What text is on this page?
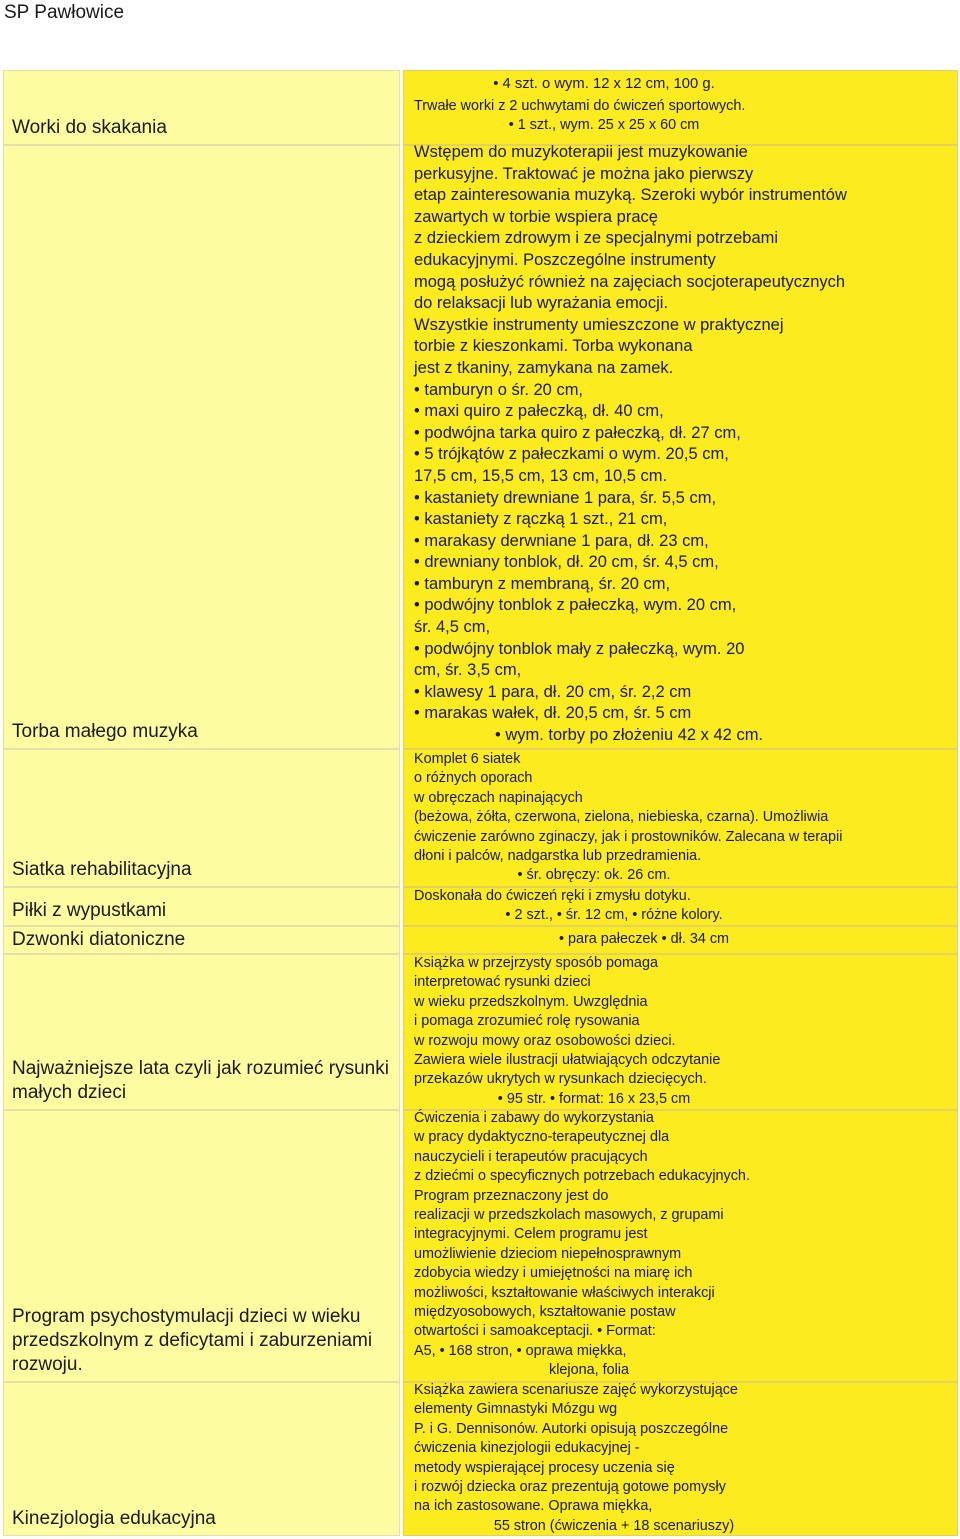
SP Pawłowice
Worki do skakania
• 4 szt. o wym. 12 x 12 cm, 100 g.
Trwałe worki z 2 uchwytami do ćwiczeń sportowych.
• 1 szt., wym. 25 x 25 x 60 cm
Torba małego muzyka
Wstępem do muzykoterapii jest muzykowanie
perkusyjne. Traktować je można jako pierwszy
etap zainteresowania muzyką. Szeroki wybór instrumentów
zawartych w torbie wspiera pracę
z dzieckiem zdrowym i ze specjalnymi potrzebami
edukacyjnymi. Poszczególne instrumenty
mogą posłużyć również na zajęciach socjoterapeutycznych
do relaksacji lub wyrażania emocji.
Wszystkie instrumenty umieszczone w praktycznej
torbie z kieszonkami. Torba wykonana
jest z tkaniny, zamykana na zamek.
• tamburyn o śr. 20 cm,
• maxi quiro z pałeczką, dł. 40 cm,
• podwójna tarka quiro z pałeczką, dł. 27 cm,
• 5 trójkątów z pałeczkami o wym. 20,5 cm,
17,5 cm, 15,5 cm, 13 cm, 10,5 cm.
• kastaniety drewniane 1 para, śr. 5,5 cm,
• kastaniety z rączką 1 szt., 21 cm,
• marakasy derwniane 1 para, dł. 23 cm,
• drewniany tonblok, dł. 20 cm, śr. 4,5 cm,
• tamburyn z membraną, śr. 20 cm,
• podwójny tonblok z pałeczką, wym. 20 cm,
śr. 4,5 cm,
• podwójny tonblok mały z pałeczką, wym. 20
cm, śr. 3,5 cm,
• klawesy 1 para, dł. 20 cm, śr. 2,2 cm
• marakas wałek, dł. 20,5 cm, śr. 5 cm
• wym. torby po złożeniu 42 x 42 cm.
Siatka rehabilitacyjna
Komplet 6 siatek
o różnych oporach
w obręczach napinających
(beżowa, żółta, czerwona, zielona, niebieska, czarna). Umożliwia
ćwiczenie zarówno zginaczy, jak i prostowników. Zalecana w terapii
dłoni i palców, nadgarstka lub przedramienia.
• śr. obręczy: ok. 26 cm.
Piłki z wypustkami
Doskonała do ćwiczeń ręki i zmysłu dotyku.
• 2 szt., • śr. 12 cm, • różne kolory.
Dzwonki diatoniczne	• para pałeczek • dł. 34 cm
Najważniejsze lata czyli jak rozumieć rysunki małych dzieci
Książka w przejrzysty sposób pomaga
interpretować rysunki dzieci
w wieku przedszkolnym. Uwzględnia
i pomaga zrozumieć rolę rysowania
w rozwoju mowy oraz osobowości dzieci.
Zawiera wiele ilustracji ułatwiających odczytanie
przekazów ukrytych w rysunkach dziecięcych.
• 95 str. • format: 16 x 23,5 cm
Program psychostymulacji dzieci w wieku przedszkolnym z deficytami i zaburzeniami rozwoju.
Ćwiczenia i zabawy do wykorzystania
w pracy dydaktyczno-terapeutycznej dla
nauczycieli i terapeutów pracujących
z dziećmi o specyficznych potrzebach edukacyjnych.
Program przeznaczony jest do
realizacji w przedszkolach masowych, z grupami
integracyjnymi. Celem programu jest
umożliwienie dzieciom niepełnosprawnym
zdobycia wiedzy i umiejętności na miarę ich
możliwości, kształtowanie właściwych interakcji
międzyosobowych, kształtowanie postaw
otwartości i samoakceptacji. • Format:
A5, • 168 stron, • oprawa miękka,
klejona, folia
Kinezjologia edukacyjna
Książka zawiera scenariusze zajęć wykorzystujące
elementy Gimnastyki Mózgu wg
P. i G. Dennisonów. Autorki opisują poszczególne
ćwiczenia kinezjologii edukacyjnej -
metody wspierającej procesy uczenia się
i rozwój dziecka oraz prezentują gotowe pomysły
na ich zastosowane. Oprawa miękka,
55 stron (ćwiczenia + 18 scenariuszy)
